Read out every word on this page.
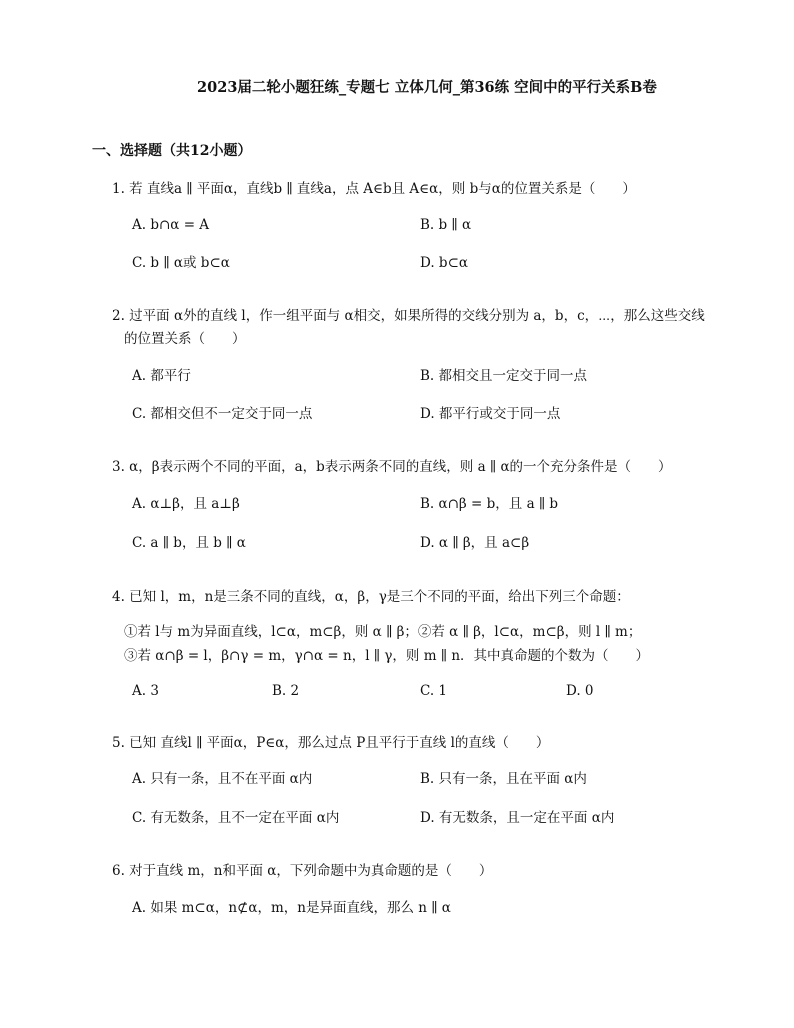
2023届二轮小题狂练_专题七 立体几何_第36练 空间中的平行关系B卷
一、选择题（共12小题）
1. 若 直线a ∥ 平面α，直线b ∥ 直线a，点 A∈b且 A∈α，则 b与α的位置关系是（　　）
A. b∩α = A	B. b ∥ α
C. b ∥ α或 b⊂α	D. b⊂α
2. 过平面 α外的直线 l，作一组平面与 α相交，如果所得的交线分别为 a，b，c，⋯，那么这些交线
的位置关系（　　）
A. 都平行	B. 都相交且一定交于同一点
C. 都相交但不一定交于同一点	D. 都平行或交于同一点
3. α，β表示两个不同的平面，a，b表示两条不同的直线，则 a ∥ α的一个充分条件是（　　）
A. α⊥β，且 a⊥β	B. α∩β = b，且 a ∥ b
C. a ∥ b，且 b ∥ α	D. α ∥ β，且 a⊂β
4. 已知 l，m，n是三条不同的直线，α，β，γ是三个不同的平面，给出下列三个命题：
①若 l与 m为异面直线，l⊂α，m⊂β，则 α ∥ β；②若 α ∥ β，l⊂α，m⊂β，则 l ∥ m；
③若 α∩β = l，β∩γ = m，γ∩α = n，l ∥ γ，则 m ∥ n．其中真命题的个数为（　　）
A. 3	B. 2	C. 1	D. 0
5. 已知 直线l ∥ 平面α，P∈α，那么过点 P且平行于直线 l的直线（　　）
A. 只有一条，且不在平面 α内	B. 只有一条，且在平面 α内
C. 有无数条，且不一定在平面 α内	D. 有无数条，且一定在平面 α内
6. 对于直线 m，n和平面 α，下列命题中为真命题的是（　　）
A. 如果 m⊂α，n⊄α，m，n是异面直线，那么 n ∥ α
